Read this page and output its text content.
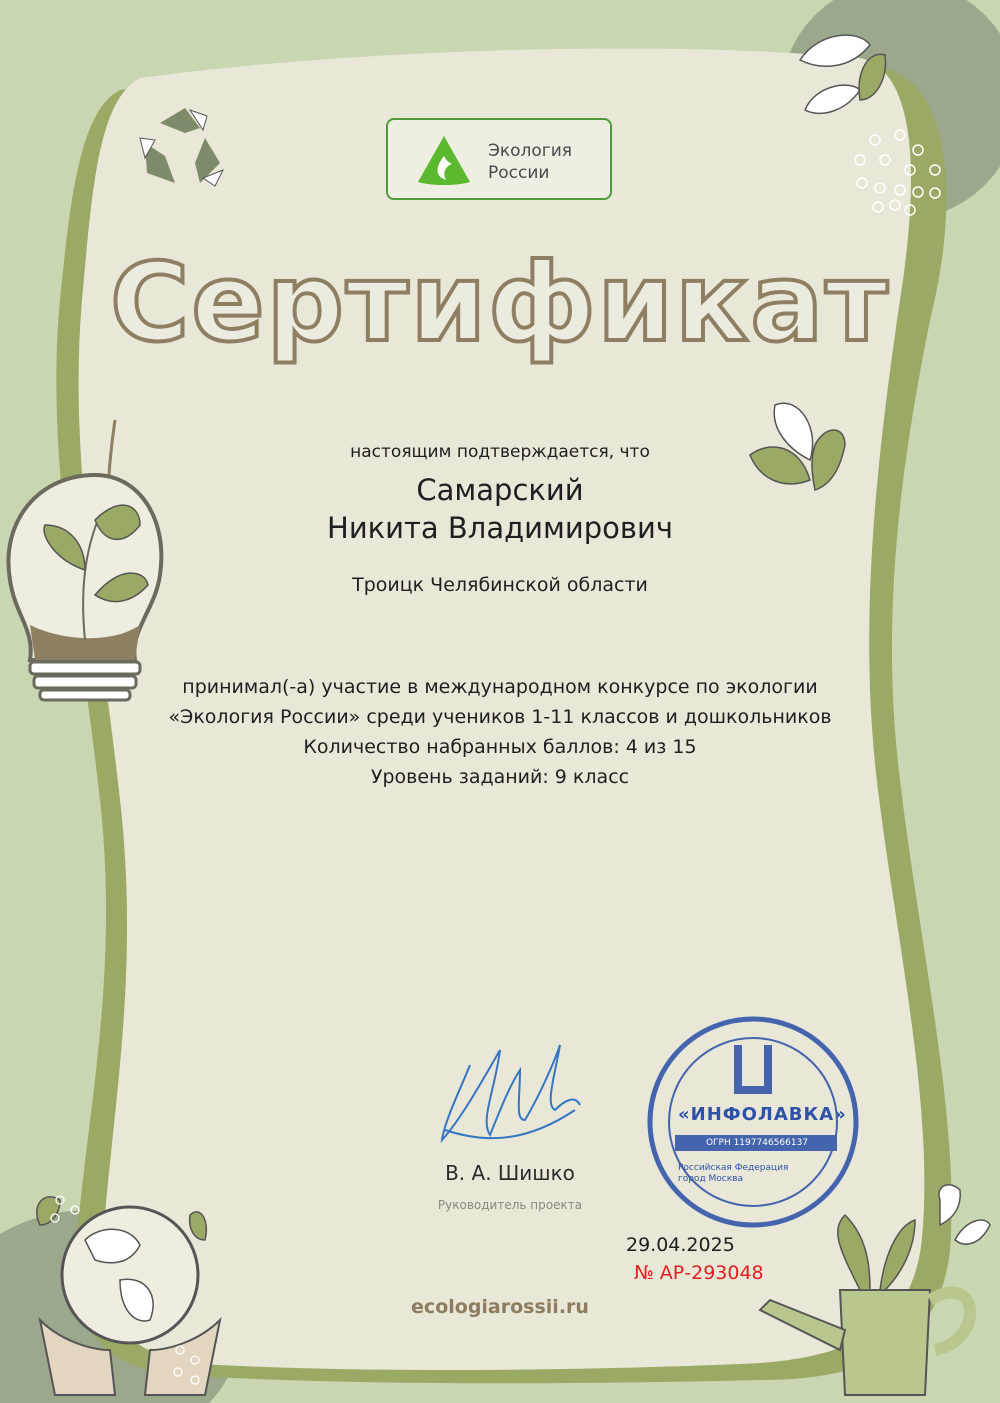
Экология
России
Сертификат
настоящим подтверждается, что
Самарский
Никита Владимирович
Троицк Челябинской области
принимал(-а) участие в международном конкурсе по экологии
«Экология России» среди учеников 1-11 классов и дошкольников
Количество набранных баллов: 4 из 15
Уровень заданий: 9 класс
«ИНФОЛАВКА»
ОГРН 1197746566137
Российская Федерация
город Москва
В. А. Шишко
Руководитель проекта
29.04.2025
№ АР-293048
ecologiarossii.ru
